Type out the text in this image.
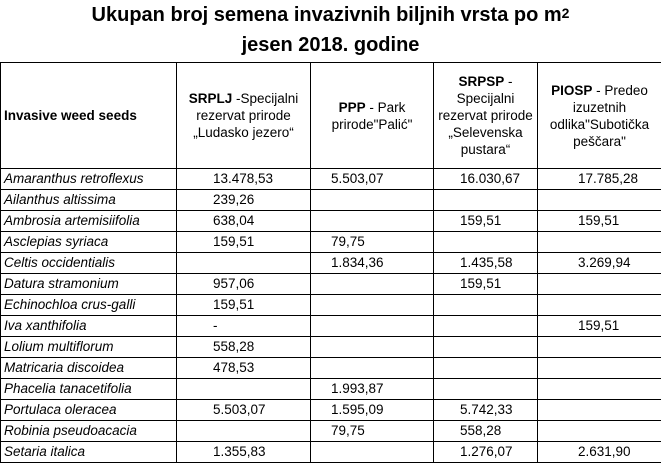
Ukupan broj semena invazivnih biljnih vrsta po $m^2$
jesen 2018. godine
Invasive weed seeds	SRPLJ -Specijalni rezervat prirode „Ludasko jezero“	PPP - Park prirode"Palić"	SRPSP - Specijalni rezervat prirode „Selevenska pustara“	PIOSP - Predeo izuzetnih odlika"Subotička peščara"
Amaranthus retroflexus	13.478,53	5.503,07	16.030,67	17.785,28
Ailanthus altissima	239,26			
Ambrosia artemisiifolia	638,04		159,51	159,51
Asclepias syriaca	159,51	79,75		
Celtis occidentialis		1.834,36	1.435,58	3.269,94
Datura stramonium	957,06		159,51	
Echinochloa crus-galli	159,51			
Iva xanthifolia	-			159,51
Lolium multiflorum	558,28			
Matricaria discoidea	478,53			
Phacelia tanacetifolia		1.993,87		
Portulaca oleracea	5.503,07	1.595,09	5.742,33	
Robinia pseudoacacia		79,75	558,28	
Setaria italica	1.355,83		1.276,07	2.631,90
